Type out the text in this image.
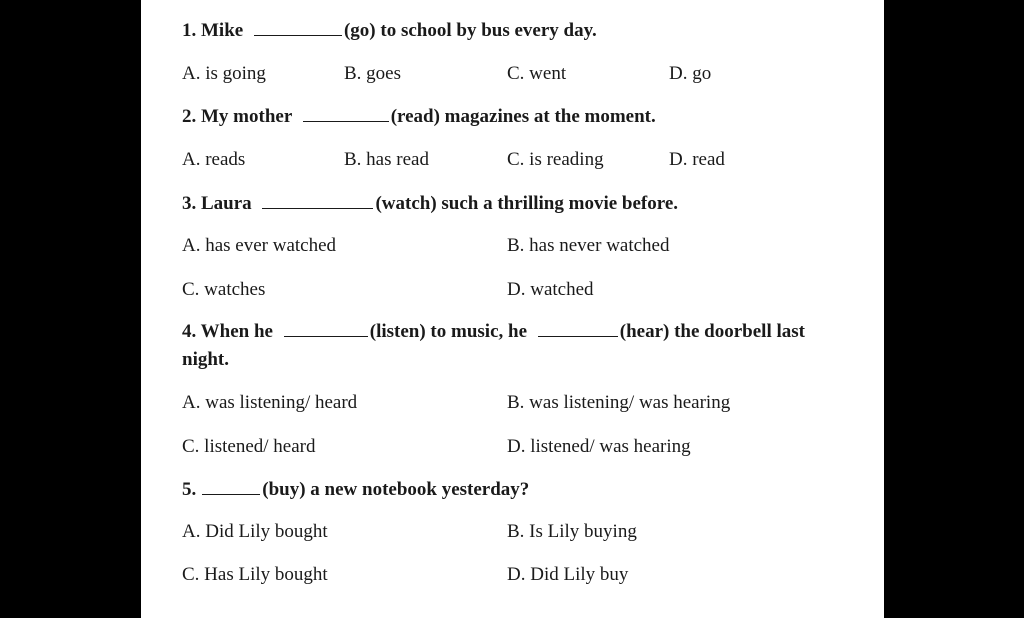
1. Mike	(go) to school by bus every day.
A. is going	B. goes	C. went	D. go
2. My mother	(read) magazines at the moment.
A. reads	B. has read	C. is reading	D. read
3. Laura	(watch) such a thrilling movie before.
A. has ever watched	B. has never watched
C. watches	D. watched
4. When he	(listen) to music, he	(hear) the doorbell last
night.
A. was listening/ heard	B. was listening/ was hearing
C. listened/ heard	D. listened/ was hearing
5.	(buy) a new notebook yesterday?
A. Did Lily bought	B. Is Lily buying
C. Has Lily bought	D. Did Lily buy
